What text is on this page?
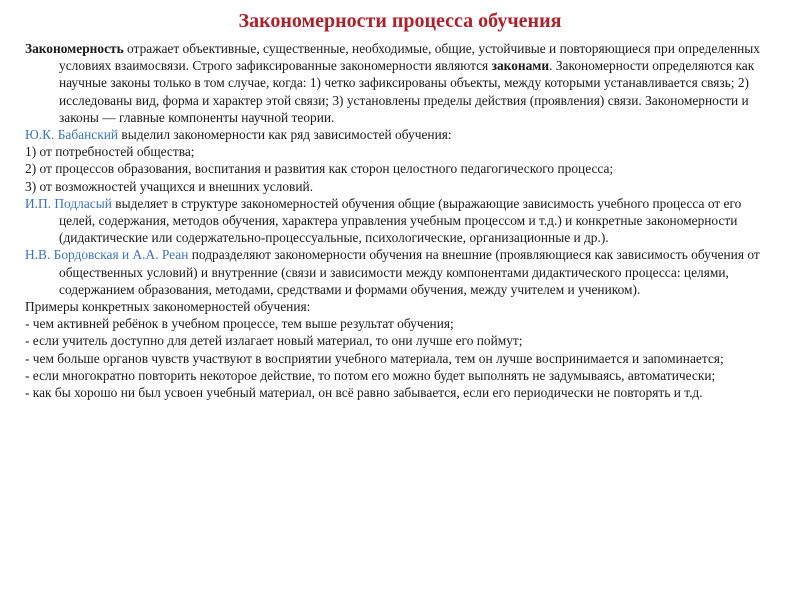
Закономерности процесса обучения

Закономерность отражает объективные, существенные, необходимые, общие, устойчивые и повторяющиеся при определенных условиях взаимосвязи. Строго зафиксированные закономерности являются законами. Закономерности определяются как научные законы только в том случае, когда: 1) четко зафиксированы объекты, между которыми устанавливается связь; 2) исследованы вид, форма и характер этой связи; 3) установлены пределы действия (проявления) связи. Закономерности и законы — главные компоненты научной теории.

Ю.К. Бабанский выделил закономерности как ряд зависимостей обучения:

1) от потребностей общества;

2) от процессов образования, воспитания и развития как сторон целостного педагогического процесса;

3) от возможностей учащихся и внешних условий.

И.П. Подласый выделяет в структуре закономерностей обучения общие (выражающие зависимость учебного процесса от его целей, содержания, методов обучения, характера управления учебным процессом и т.д.) и конкретные закономерности (дидактические или содержательно-процессуальные, психологические, организационные и др.).

Н.В. Бордовская и А.А. Реан подразделяют закономерности обучения на внешние (проявляющиеся как зависимость обучения от общественных условий) и внутренние (связи и зависимости между компонентами дидактического процесса: целями, содержанием образования, методами, средствами и формами обучения, между учителем и учеником).

Примеры конкретных закономерностей обучения:

- чем активней ребёнок в учебном процессе, тем выше результат обучения;

- если учитель доступно для детей излагает новый материал, то они лучше его поймут;

- чем больше органов чувств участвуют в восприятии учебного материала, тем он лучше воспринимается и запоминается;

- если многократно повторить некоторое действие, то потом его можно будет выполнять не задумываясь, автоматически;

- как бы хорошо ни был усвоен учебный материал, он всё равно забывается, если его периодически не повторять и т.д.
